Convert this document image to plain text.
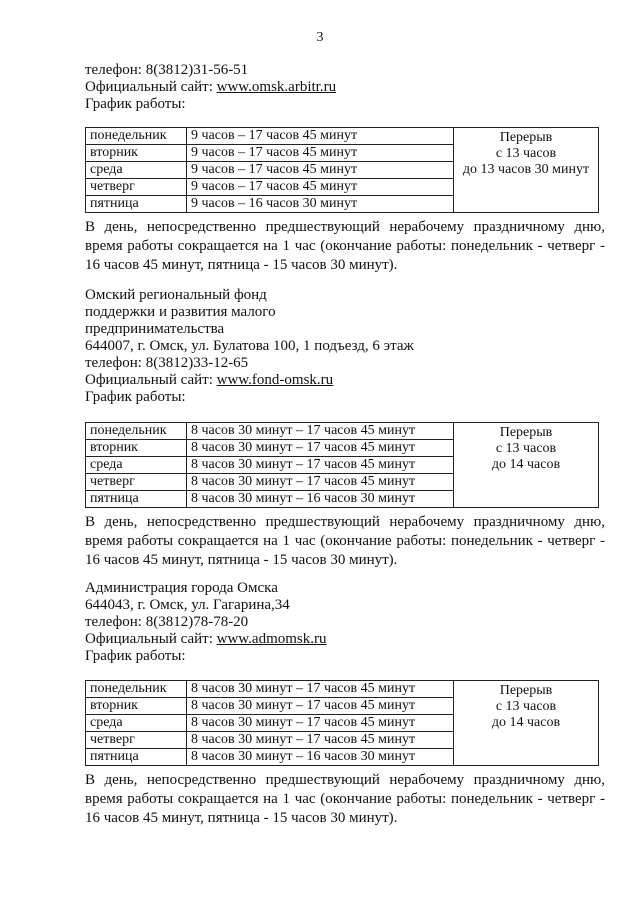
3
телефон: 8(3812)31-56-51
Официальный сайт: www.omsk.arbitr.ru
График работы:
понедельник	9 часов – 17 часов 45 минут	Перерыв
с 13 часов
до 13 часов 30 минут

вторник	9 часов – 17 часов 45 минут	
среда	9 часов – 17 часов 45 минут	
четверг	9 часов – 17 часов 45 минут	
пятница	9 часов – 16 часов 30 минут	
В день, непосредственно предшествующий нерабочему праздничному дню, время работы сокращается на 1 час (окончание работы: понедельник - четверг - 16 часов 45 минут, пятница - 15 часов 30 минут).
Омский региональный фонд
поддержки и развития малого
предпринимательства
644007, г. Омск, ул. Булатова 100, 1 подъезд, 6 этаж
телефон: 8(3812)33-12-65
Официальный сайт: www.fond-omsk.ru
График работы:
понедельник	8 часов 30 минут – 17 часов 45 минут	Перерыв
с 13 часов
до 14 часов

вторник	8 часов 30 минут – 17 часов 45 минут	
среда	8 часов 30 минут – 17 часов 45 минут	
четверг	8 часов 30 минут – 17 часов 45 минут	
пятница	8 часов 30 минут – 16 часов 30 минут	
В день, непосредственно предшествующий нерабочему праздничному дню, время работы сокращается на 1 час (окончание работы: понедельник - четверг - 16 часов 45 минут, пятница - 15 часов 30 минут).
Администрация города Омска
644043, г. Омск, ул. Гагарина,34
телефон: 8(3812)78-78-20
Официальный сайт: www.admomsk.ru
График работы:
понедельник	8 часов 30 минут – 17 часов 45 минут	Перерыв
с 13 часов
до 14 часов

вторник	8 часов 30 минут – 17 часов 45 минут	
среда	8 часов 30 минут – 17 часов 45 минут	
четверг	8 часов 30 минут – 17 часов 45 минут	
пятница	8 часов 30 минут – 16 часов 30 минут	
В день, непосредственно предшествующий нерабочему праздничному дню, время работы сокращается на 1 час (окончание работы: понедельник - четверг - 16 часов 45 минут, пятница - 15 часов 30 минут).
